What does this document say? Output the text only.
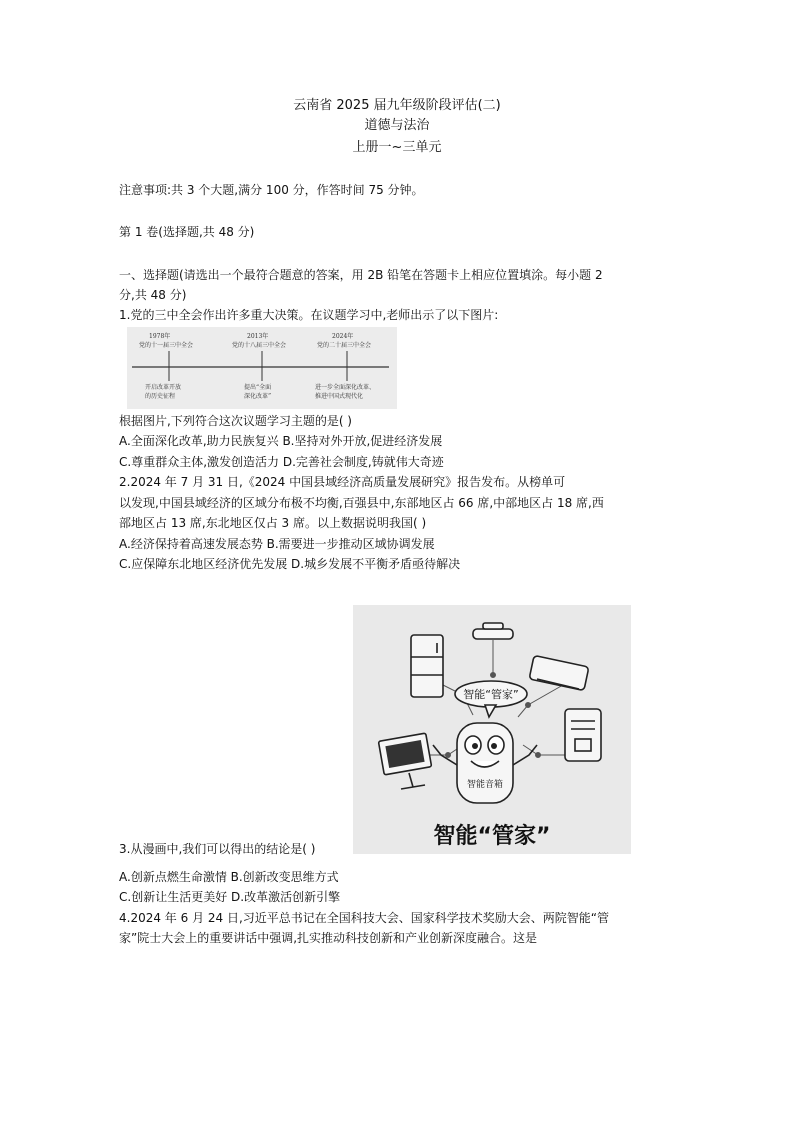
云南省 2025 届九年级阶段评估(二)
道德与法治
上册一~三单元
注意事项:共 3 个大题,满分 100 分，作答时间 75 分钟。
第 1 卷(选择题,共 48 分)
一、选择题(请选出一个最符合题意的答案，用 2B 铅笔在答题卡上相应位置填涂。每小题 2
分,共 48 分)
1.党的三中全会作出许多重大决策。在议题学习中,老师出示了以下图片:
1978年
党的十一届三中全会
开启改革开放
的历史征程
2013年
党的十八届三中全会
提出“全面
深化改革”
2024年
党的二十届三中全会
进一步全面深化改革、
推进中国式现代化
根据图片,下列符合这次议题学习主题的是( )
A.全面深化改革,助力民族复兴 B.坚持对外开放,促进经济发展
C.尊重群众主体,激发创造活力 D.完善社会制度,铸就伟大奇迹
2.2024 年 7 月 31 日,《2024 中国县域经济高质量发展研究》报告发布。从榜单可
以发现,中国县域经济的区域分布极不均衡,百强县中,东部地区占 66 席,中部地区占 18 席,西
部地区占 13 席,东北地区仅占 3 席。以上数据说明我国( )
A.经济保持着高速发展态势 B.需要进一步推动区域协调发展
C.应保障东北地区经济优先发展 D.城乡发展不平衡矛盾亟待解决
智能“管家”
智能音箱
智能“管家”
3.从漫画中,我们可以得出的结论是( )
A.创新点燃生命激情 B.创新改变思维方式
C.创新让生活更美好 D.改革激活创新引擎
4.2024 年 6 月 24 日,习近平总书记在全国科技大会、国家科学技术奖励大会、两院智能“管
家”院士大会上的重要讲话中强调,扎实推动科技创新和产业创新深度融合。这是
